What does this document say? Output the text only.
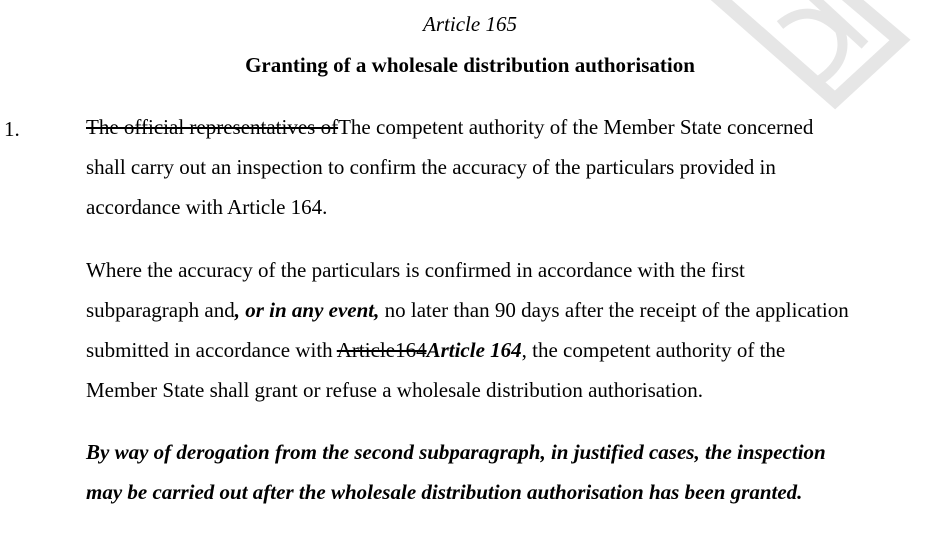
Article 165
Granting of a wholesale distribution authorisation
1.	The official representatives ofThe competent authority of the Member State concerned
shall carry out an inspection to confirm the accuracy of the particulars provided in
accordance with Article 164.
Where the accuracy of the particulars is confirmed in accordance with the first
subparagraph and, or in any event, no later than 90 days after the receipt of the application
submitted in accordance with Article164Article 164, the competent authority of the
Member State shall grant or refuse a wholesale distribution authorisation.
By way of derogation from the second subparagraph, in justified cases, the inspection
may be carried out after the wholesale distribution authorisation has been granted.
